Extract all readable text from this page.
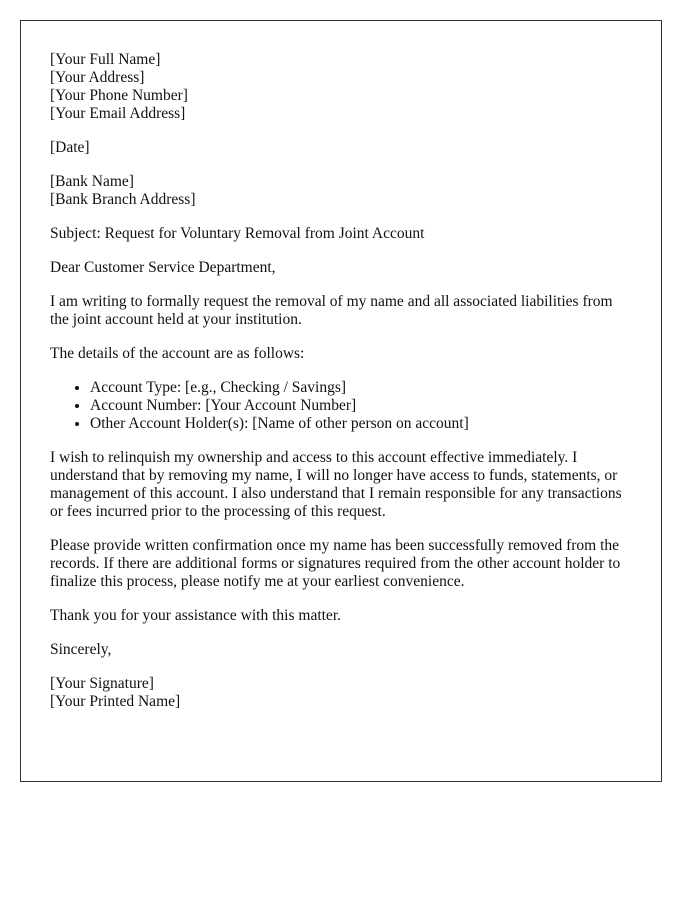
[Your Full Name]
[Your Address]
[Your Phone Number]
[Your Email Address]

[Date]

[Bank Name]
[Bank Branch Address]

Subject: Request for Voluntary Removal from Joint Account

Dear Customer Service Department,

I am writing to formally request the removal of my name and all associated liabilities from the joint account held at your institution.

The details of the account are as follows:

• Account Type: [e.g., Checking / Savings]
• Account Number: [Your Account Number]
• Other Account Holder(s): [Name of other person on account]

I wish to relinquish my ownership and access to this account effective immediately. I understand that by removing my name, I will no longer have access to funds, statements, or management of this account. I also understand that I remain responsible for any transactions or fees incurred prior to the processing of this request.

Please provide written confirmation once my name has been successfully removed from the records. If there are additional forms or signatures required from the other account holder to finalize this process, please notify me at your earliest convenience.

Thank you for your assistance with this matter.

Sincerely,

[Your Signature]
[Your Printed Name]
